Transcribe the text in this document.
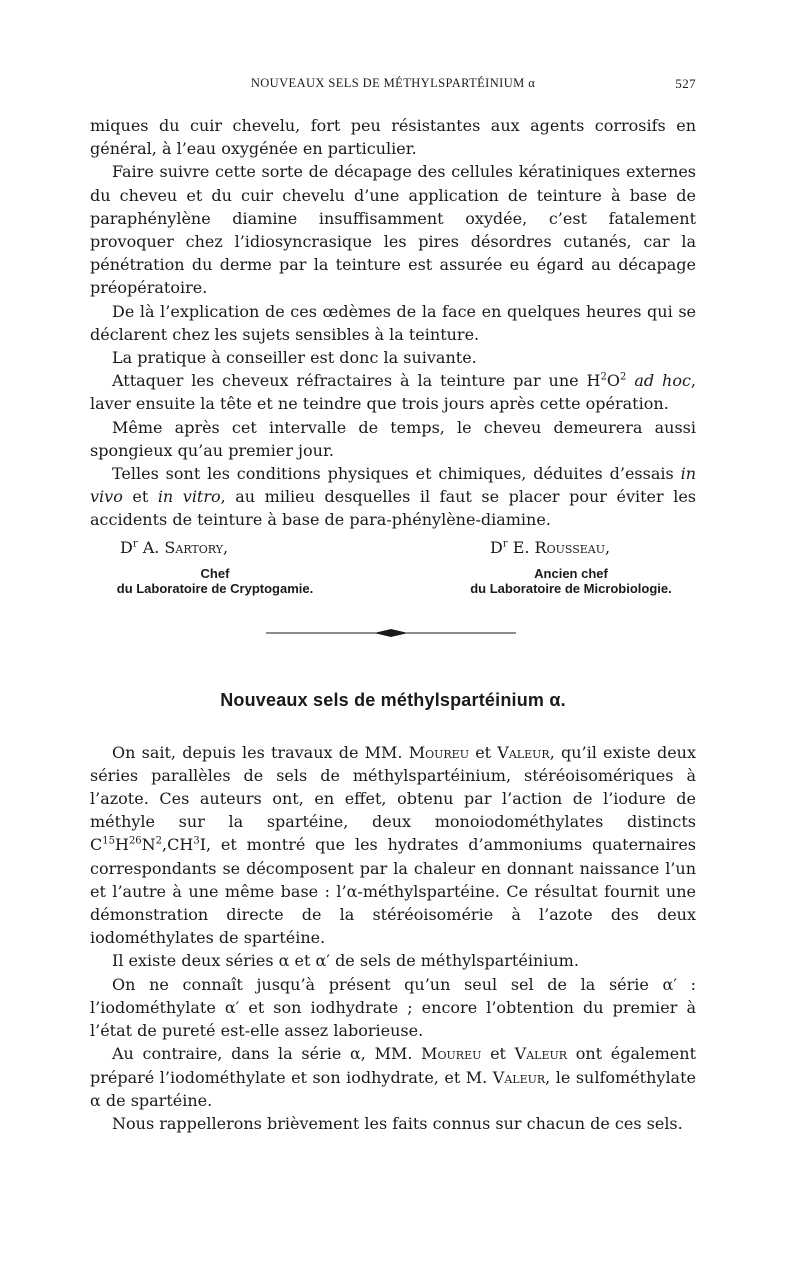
NOUVEAUX SELS DE MÉTHYLSPARTÉINIUM α	527

miques du cuir chevelu, fort peu résistantes aux agents corrosifs en général, à l’eau oxygénée en particulier.

Faire suivre cette sorte de décapage des cellules kératiniques externes du cheveu et du cuir chevelu d’une application de teinture à base de paraphénylène diamine insuffisamment oxydée, c’est fatalement provoquer chez l’idiosyncrasique les pires désordres cutanés, car la pénétration du derme par la teinture est assurée eu égard au décapage préopératoire.

De là l’explication de ces œdèmes de la face en quelques heures qui se déclarent chez les sujets sensibles à la teinture.

La pratique à conseiller est donc la suivante.

Attaquer les cheveux réfractaires à la teinture par une $H^2O^2$ ad hoc, laver ensuite la tête et ne teindre que trois jours après cette opération.

Même après cet intervalle de temps, le cheveu demeurera aussi spongieux qu’au premier jour.

Telles sont les conditions physiques et chimiques, déduites d’essais in vivo et in vitro, au milieu desquelles il faut se placer pour éviter les accidents de teinture à base de para-phénylène-diamine.

$D^r$ A. Sartory,
Chef
du Laboratoire de Cryptogamie.
$D^r$ E. Rousseau,
Ancien chef
du Laboratoire de Microbiologie.
Nouveaux sels de méthylspartéinium α.

On sait, depuis les travaux de MM. Moureu et Valeur, qu’il existe deux séries parallèles de sels de méthylspartéinium, stéréoisomériques à l’azote. Ces auteurs ont, en effet, obtenu par l’action de l’iodure de méthyle sur la spartéine, deux monoiodométhylates distincts $C^{15}H^{26}N^2,CH^3I$, et montré que les hydrates d’ammoniums quaternaires correspondants se décomposent par la chaleur en donnant naissance l’un et l’autre à une même base : l’α-méthylspartéine. Ce résultat fournit une démonstration directe de la stéréoisomérie à l’azote des deux iodométhylates de spartéine.

Il existe deux séries α et α′ de sels de méthylspartéinium.

On ne connaît jusqu’à présent qu’un seul sel de la série α′ : l’iodométhylate α′ et son iodhydrate ; encore l’obtention du premier à l’état de pureté est-elle assez laborieuse.

Au contraire, dans la série α, MM. Moureu et Valeur ont également préparé l’iodométhylate et son iodhydrate, et M. Valeur, le sulfométhylate α de spartéine.

Nous rappellerons brièvement les faits connus sur chacun de ces sels.
